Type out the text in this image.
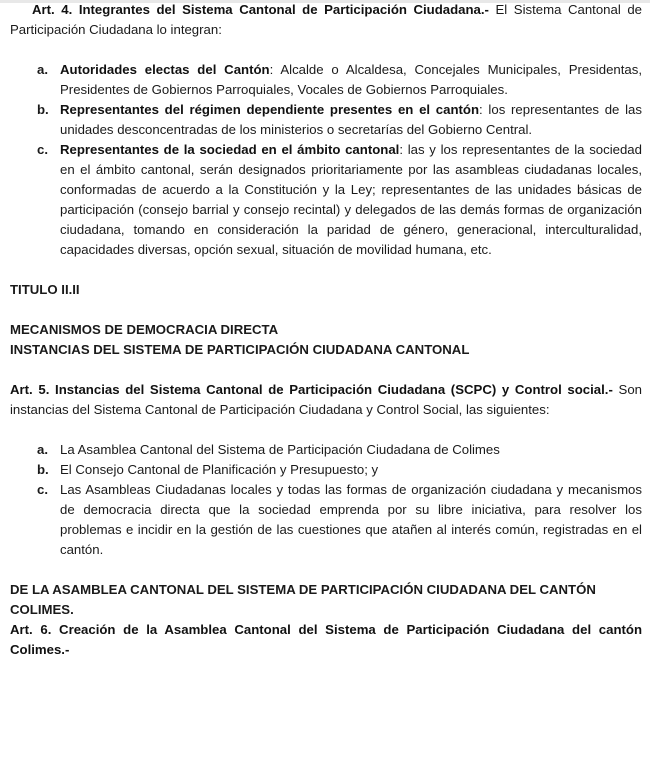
Art. 4. Integrantes del Sistema Cantonal de Participación Ciudadana.- El Sistema Cantonal de Participación Ciudadana lo integran:

a. Autoridades electas del Cantón: Alcalde o Alcaldesa, Concejales Municipales, Presidentas, Presidentes de Gobiernos Parroquiales, Vocales de Gobiernos Parroquiales.
b. Representantes del régimen dependiente presentes en el cantón: los representantes de las unidades desconcentradas de los ministerios o secretarías del Gobierno Central.
c. Representantes de la sociedad en el ámbito cantonal: las y los representantes de la sociedad en el ámbito cantonal, serán designados prioritariamente por las asambleas ciudadanas locales, conformadas de acuerdo a la Constitución y la Ley; representantes de las unidades básicas de participación (consejo barrial y consejo recintal) y delegados de las demás formas de organización ciudadana, tomando en consideración la paridad de género, generacional, interculturalidad, capacidades diversas, opción sexual, situación de movilidad humana, etc.

TITULO II.II

MECANISMOS DE DEMOCRACIA DIRECTA

INSTANCIAS DEL SISTEMA DE PARTICIPACIÓN CIUDADANA CANTONAL

Art. 5. Instancias del Sistema Cantonal de Participación Ciudadana (SCPC) y Control social.- Son instancias del Sistema Cantonal de Participación Ciudadana y Control Social, las siguientes:

a. La Asamblea Cantonal del Sistema de Participación Ciudadana de Colimes
b. El Consejo Cantonal de Planificación y Presupuesto; y
c. Las Asambleas Ciudadanas locales y todas las formas de organización ciudadana y mecanismos de democracia directa que la sociedad emprenda por su libre iniciativa, para resolver los problemas e incidir en la gestión de las cuestiones que atañen al interés común, registradas en el cantón.

DE LA ASAMBLEA CANTONAL DEL SISTEMA DE PARTICIPACIÓN CIUDADANA DEL CANTÓN COLIMES.

Art. 6. Creación de la Asamblea Cantonal del Sistema de Participación Ciudadana del cantón Colimes.-
